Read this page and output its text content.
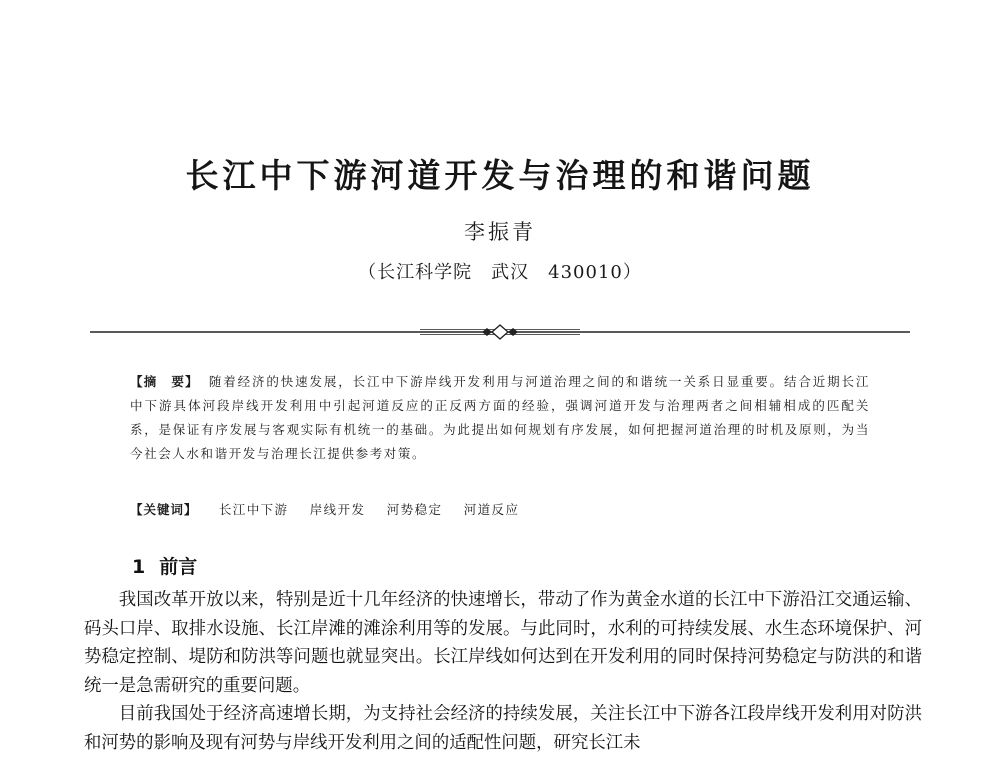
长江中下游河道开发与治理的和谐问题
李振青
（长江科学院　武汉　430010）
【摘　要】 随着经济的快速发展，长江中下游岸线开发利用与河道治理之间的和谐统一关系日显重要。结合近期长江中下游具体河段岸线开发利用中引起河道反应的正反两方面的经验，强调河道开发与治理两者之间相辅相成的匹配关系，是保证有序发展与客观实际有机统一的基础。为此提出如何规划有序发展，如何把握河道治理的时机及原则，为当今社会人水和谐开发与治理长江提供参考对策。
【关键词】 长江中下游 岸线开发 河势稳定 河道反应
1 前言

我国改革开放以来，特别是近十几年经济的快速增长，带动了作为黄金水道的长江中下游沿江交通运输、码头口岸、取排水设施、长江岸滩的滩涂利用等的发展。与此同时，水利的可持续发展、水生态环境保护、河势稳定控制、堤防和防洪等问题也就显突出。长江岸线如何达到在开发利用的同时保持河势稳定与防洪的和谐统一是急需研究的重要问题。

目前我国处于经济高速增长期，为支持社会经济的持续发展，关注长江中下游各江段岸线开发利用对防洪和河势的影响及现有河势与岸线开发利用之间的适配性问题，研究长江未
